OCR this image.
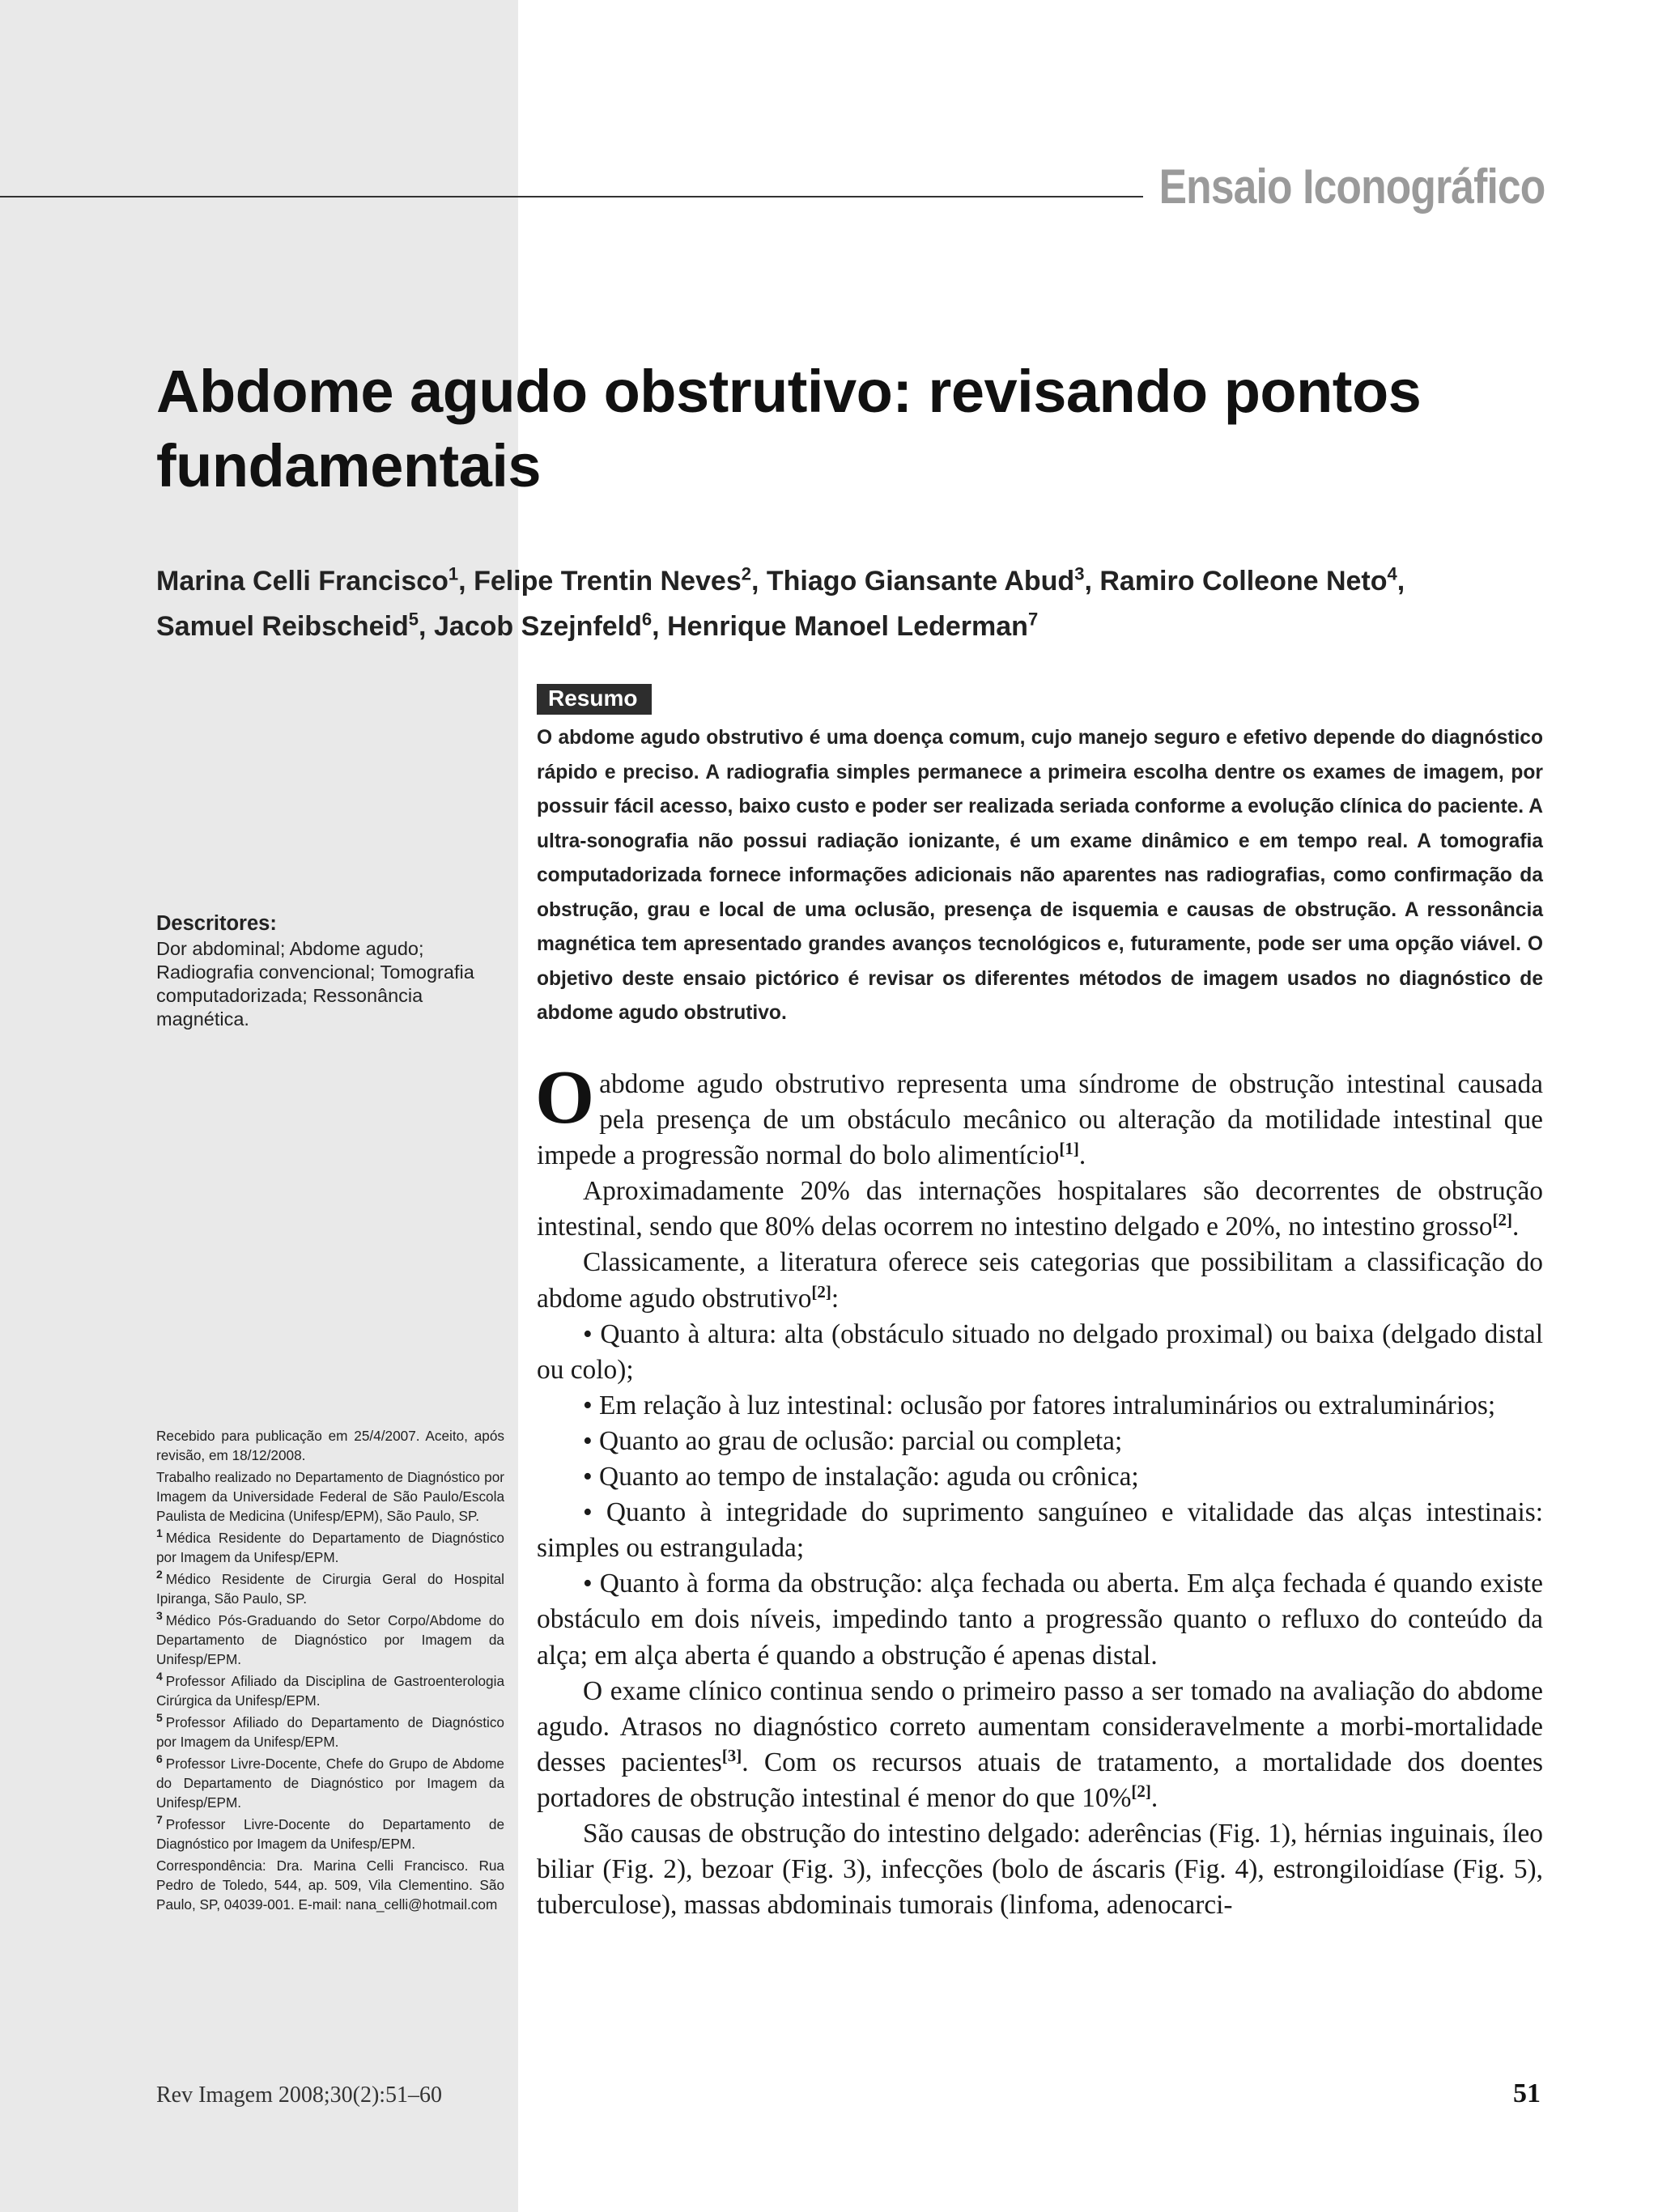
Ensaio Iconográfico
Abdome agudo obstrutivo: revisando pontos fundamentais
Marina Celli Francisco$^1$, Felipe Trentin Neves$^2$, Thiago Giansante Abud$^3$, Ramiro Colleone Neto$^4$,
Samuel Reibscheid$^5$, Jacob Szejnfeld$^6$, Henrique Manoel Lederman$^7$
Resumo

O abdome agudo obstrutivo é uma doença comum, cujo manejo seguro e efetivo depende do diagnóstico rápido e preciso. A radiografia simples permanece a primeira escolha dentre os exames de imagem, por possuir fácil acesso, baixo custo e poder ser realizada seriada conforme a evolução clínica do paciente. A ultra-sonografia não possui radiação ionizante, é um exame dinâmico e em tempo real. A tomografia computadorizada fornece informações adicionais não aparentes nas radiografias, como confirmação da obstrução, grau e local de uma oclusão, presença de isquemia e causas de obstrução. A ressonância magnética tem apresentado grandes avanços tecnológicos e, futuramente, pode ser uma opção viável. O objetivo deste ensaio pictórico é revisar os diferentes métodos de imagem usados no diagnóstico de abdome agudo obstrutivo.

Descritores:
Dor abdominal; Abdome agudo; Radiografia convencional; Tomografia computadorizada; Ressonância magnética.

Recebido para publicação em 25/4/2007. Aceito, após revisão, em 18/12/2008.

Trabalho realizado no Departamento de Diagnóstico por Imagem da Universidade Federal de São Paulo/Escola Paulista de Medicina (Unifesp/EPM), São Paulo, SP.

$^1$ Médica Residente do Departamento de Diagnóstico por Imagem da Unifesp/EPM.

$^2$ Médico Residente de Cirurgia Geral do Hospital Ipiranga, São Paulo, SP.

$^3$ Médico Pós-Graduando do Setor Corpo/Abdome do Departamento de Diagnóstico por Imagem da Unifesp/EPM.

$^4$ Professor Afiliado da Disciplina de Gastroenterologia Cirúrgica da Unifesp/EPM.

$^5$ Professor Afiliado do Departamento de Diagnóstico por Imagem da Unifesp/EPM.

$^6$ Professor Livre-Docente, Chefe do Grupo de Abdome do Departamento de Diagnóstico por Imagem da Unifesp/EPM.

$^7$ Professor Livre-Docente do Departamento de Diagnóstico por Imagem da Unifesp/EPM.

Correspondência: Dra. Marina Celli Francisco. Rua Pedro de Toledo, 544, ap. 509, Vila Clementino. São Paulo, SP, 04039-001. E-mail: nana_celli@hotmail.com

Oabdome agudo obstrutivo representa uma síndrome de obstrução intestinal causada pela presença de um obstáculo mecânico ou alteração da motilidade intestinal que impede a progressão normal do bolo alimentício[1].

Aproximadamente 20% das internações hospitalares são decorrentes de obstrução intestinal, sendo que 80% delas ocorrem no intestino delgado e 20%, no intestino grosso[2].

Classicamente, a literatura oferece seis categorias que possibilitam a classificação do abdome agudo obstrutivo[2]:

• Quanto à altura: alta (obstáculo situado no delgado proximal) ou baixa (delgado distal ou colo);

• Em relação à luz intestinal: oclusão por fatores intraluminários ou extraluminários;

• Quanto ao grau de oclusão: parcial ou completa;

• Quanto ao tempo de instalação: aguda ou crônica;

• Quanto à integridade do suprimento sanguíneo e vitalidade das alças intestinais: simples ou estrangulada;

• Quanto à forma da obstrução: alça fechada ou aberta. Em alça fechada é quando existe obstáculo em dois níveis, impedindo tanto a progressão quanto o refluxo do conteúdo da alça; em alça aberta é quando a obstrução é apenas distal.

O exame clínico continua sendo o primeiro passo a ser tomado na avaliação do abdome agudo. Atrasos no diagnóstico correto aumentam consideravelmente a morbi-mortalidade desses pacientes[3]. Com os recursos atuais de tratamento, a mortalidade dos doentes portadores de obstrução intestinal é menor do que 10%[2].

São causas de obstrução do intestino delgado: aderências (Fig. 1), hérnias inguinais, íleo biliar (Fig. 2), bezoar (Fig. 3), infecções (bolo de áscaris (Fig. 4), estrongiloidíase (Fig. 5), tuberculose), massas abdominais tumorais (linfoma, adenocarci-

Rev Imagem 2008;30(2):51–60	51
